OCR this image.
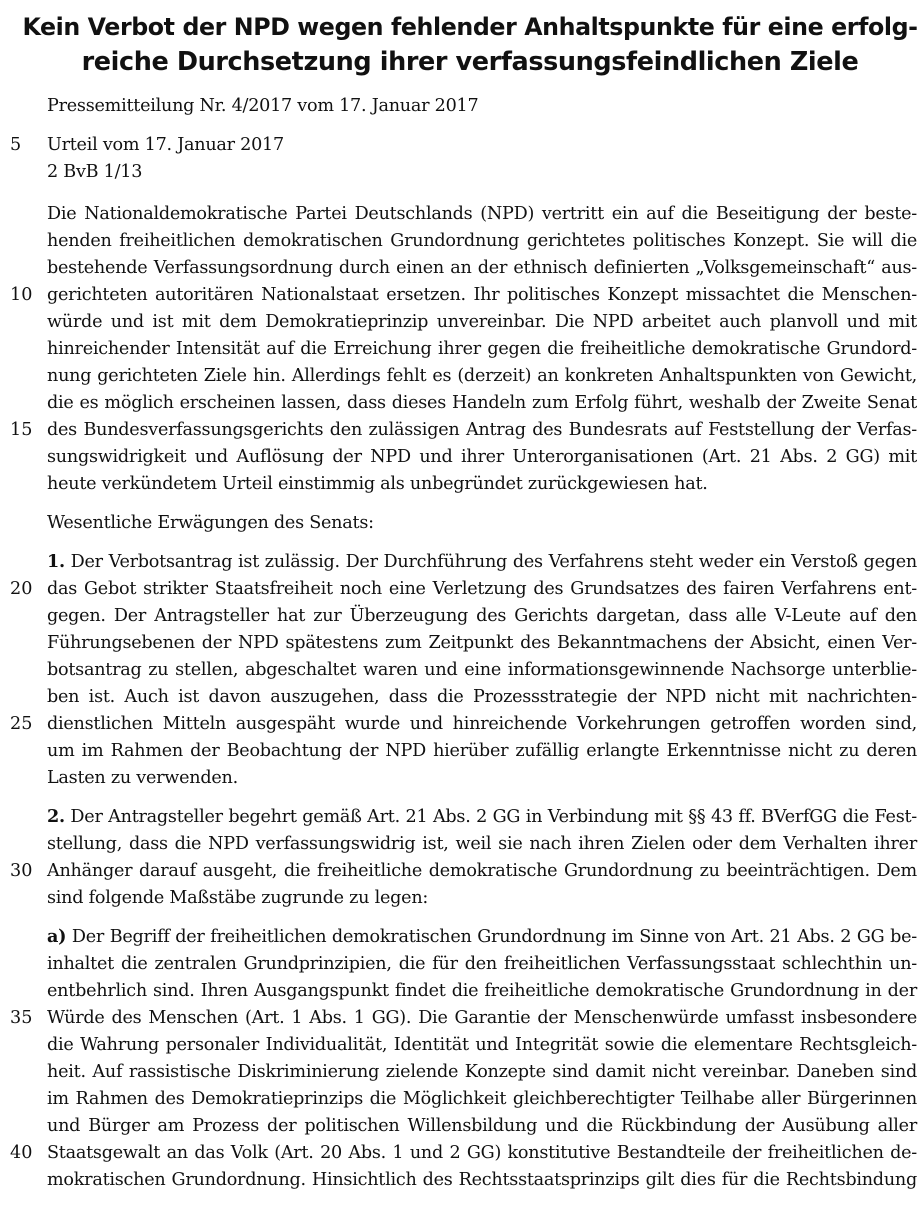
Kein Verbot der NPD wegen fehlender Anhaltspunkte für eine erfolg-
reiche Durchsetzung ihrer verfassungsfeindlichen Ziele
Pressemitteilung Nr. 4/2017 vom 17. Januar 2017
5 Urteil vom 17. Januar 2017
2 BvB 1/13
Die Nationaldemokratische Partei Deutschlands (NPD) vertritt ein auf die Beseitigung der beste-
henden freiheitlichen demokratischen Grundordnung gerichtetes politisches Konzept. Sie will die
bestehende Verfassungsordnung durch einen an der ethnisch definierten „Volksgemeinschaft“ aus-
10 gerichteten autoritären Nationalstaat ersetzen. Ihr politisches Konzept missachtet die Menschen-
würde und ist mit dem Demokratieprinzip unvereinbar. Die NPD arbeitet auch planvoll und mit
hinreichender Intensität auf die Erreichung ihrer gegen die freiheitliche demokratische Grundord-
nung gerichteten Ziele hin. Allerdings fehlt es (derzeit) an konkreten Anhaltspunkten von Gewicht,
die es möglich erscheinen lassen, dass dieses Handeln zum Erfolg führt, weshalb der Zweite Senat
15 des Bundesverfassungsgerichts den zulässigen Antrag des Bundesrats auf Feststellung der Verfas-
sungswidrigkeit und Auflösung der NPD und ihrer Unterorganisationen (Art. 21 Abs. 2 GG) mit
heute verkündetem Urteil einstimmig als unbegründet zurückgewiesen hat.
Wesentliche Erwägungen des Senats:
1. Der Verbotsantrag ist zulässig. Der Durchführung des Verfahrens steht weder ein Verstoß gegen
20 das Gebot strikter Staatsfreiheit noch eine Verletzung des Grundsatzes des fairen Verfahrens ent-
gegen. Der Antragsteller hat zur Überzeugung des Gerichts dargetan, dass alle V-Leute auf den
Führungsebenen der NPD spätestens zum Zeitpunkt des Bekanntmachens der Absicht, einen Ver-
botsantrag zu stellen, abgeschaltet waren und eine informationsgewinnende Nachsorge unterblie-
ben ist. Auch ist davon auszugehen, dass die Prozessstrategie der NPD nicht mit nachrichten-
25 dienstlichen Mitteln ausgespäht wurde und hinreichende Vorkehrungen getroffen worden sind,
um im Rahmen der Beobachtung der NPD hierüber zufällig erlangte Erkenntnisse nicht zu deren
Lasten zu verwenden.
2. Der Antragsteller begehrt gemäß Art. 21 Abs. 2 GG in Verbindung mit §§ 43 ff. BVerfGG die Fest-
stellung, dass die NPD verfassungswidrig ist, weil sie nach ihren Zielen oder dem Verhalten ihrer
30 Anhänger darauf ausgeht, die freiheitliche demokratische Grundordnung zu beeinträchtigen. Dem
sind folgende Maßstäbe zugrunde zu legen:
a) Der Begriff der freiheitlichen demokratischen Grundordnung im Sinne von Art. 21 Abs. 2 GG be-
inhaltet die zentralen Grundprinzipien, die für den freiheitlichen Verfassungsstaat schlechthin un-
entbehrlich sind. Ihren Ausgangspunkt findet die freiheitliche demokratische Grundordnung in der
35 Würde des Menschen (Art. 1 Abs. 1 GG). Die Garantie der Menschenwürde umfasst insbesondere
die Wahrung personaler Individualität, Identität und Integrität sowie die elementare Rechtsgleich-
heit. Auf rassistische Diskriminierung zielende Konzepte sind damit nicht vereinbar. Daneben sind
im Rahmen des Demokratieprinzips die Möglichkeit gleichberechtigter Teilhabe aller Bürgerinnen
und Bürger am Prozess der politischen Willensbildung und die Rückbindung der Ausübung aller
40 Staatsgewalt an das Volk (Art. 20 Abs. 1 und 2 GG) konstitutive Bestandteile der freiheitlichen de-
mokratischen Grundordnung. Hinsichtlich des Rechtsstaatsprinzips gilt dies für die Rechtsbindung
